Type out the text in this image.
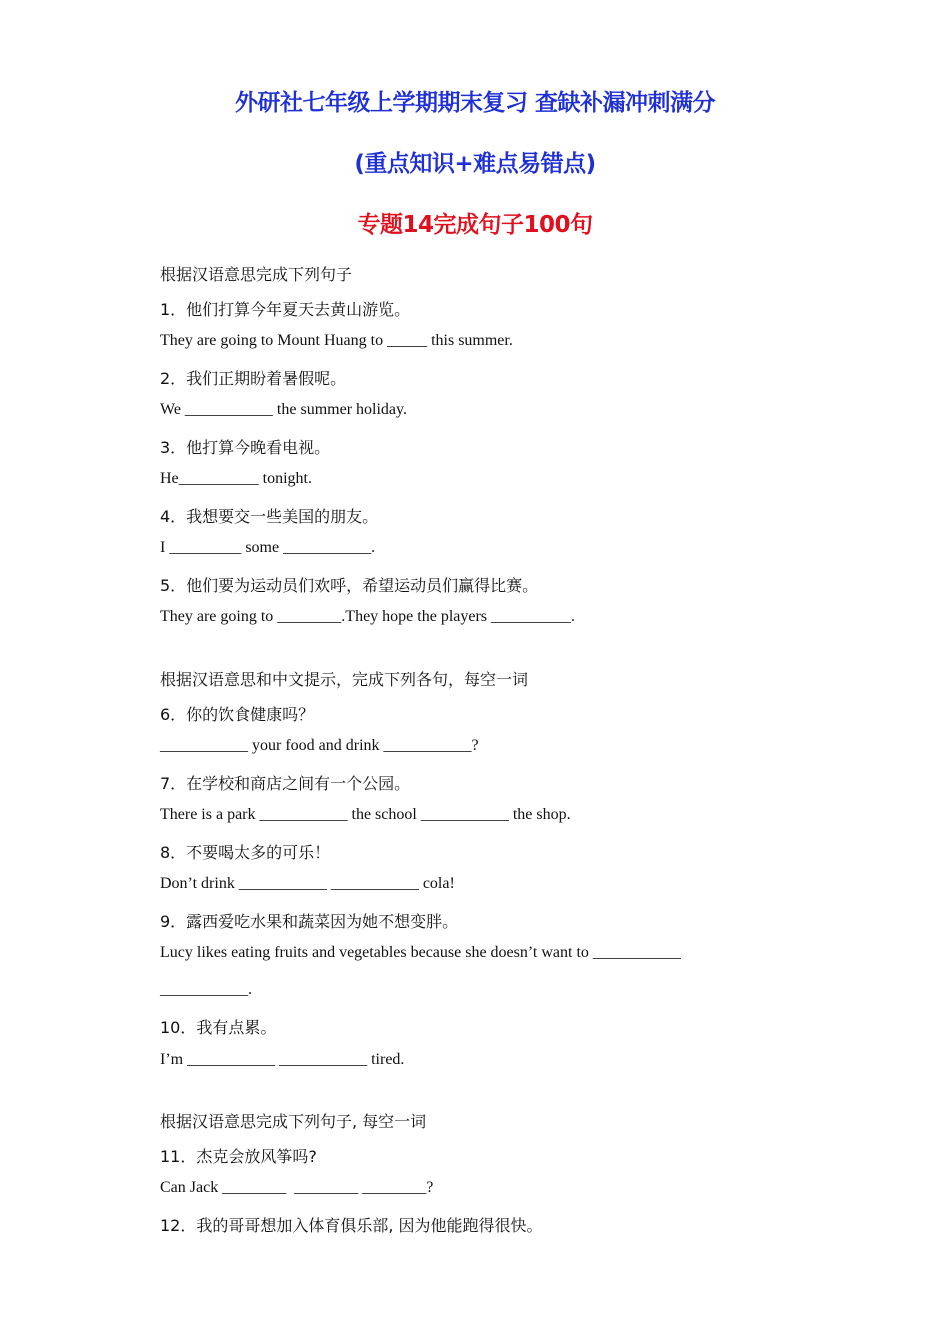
外研社七年级上学期期末复习 查缺补漏冲刺满分
(重点知识+难点易错点)
专题14完成句子100句
根据汉语意思完成下列句子
1．他们打算今年夏天去黄山游览。
They are going to Mount Huang to _____ this summer.
2．我们正期盼着暑假呢。
We ___________ the summer holiday.
3．他打算今晚看电视。
He__________ tonight.
4．我想要交一些美国的朋友。
I _________ some ___________.
5．他们要为运动员们欢呼，希望运动员们赢得比赛。
They are going to ________.They hope the players __________.
根据汉语意思和中文提示，完成下列各句，每空一词
6．你的饮食健康吗？
___________ your food and drink ___________?
7．在学校和商店之间有一个公园。
There is a park ___________ the school ___________ the shop.
8．不要喝太多的可乐！
Don’t drink ___________ ___________ cola!
9．露西爱吃水果和蔬菜因为她不想变胖。
Lucy likes eating fruits and vegetables because she doesn’t want to ___________
___________.
10．我有点累。
I’m ___________ ___________ tired.
根据汉语意思完成下列句子, 每空一词
11．杰克会放风筝吗?
Can Jack ________  ________ ________?
12．我的哥哥想加入体育俱乐部, 因为他能跑得很快。
